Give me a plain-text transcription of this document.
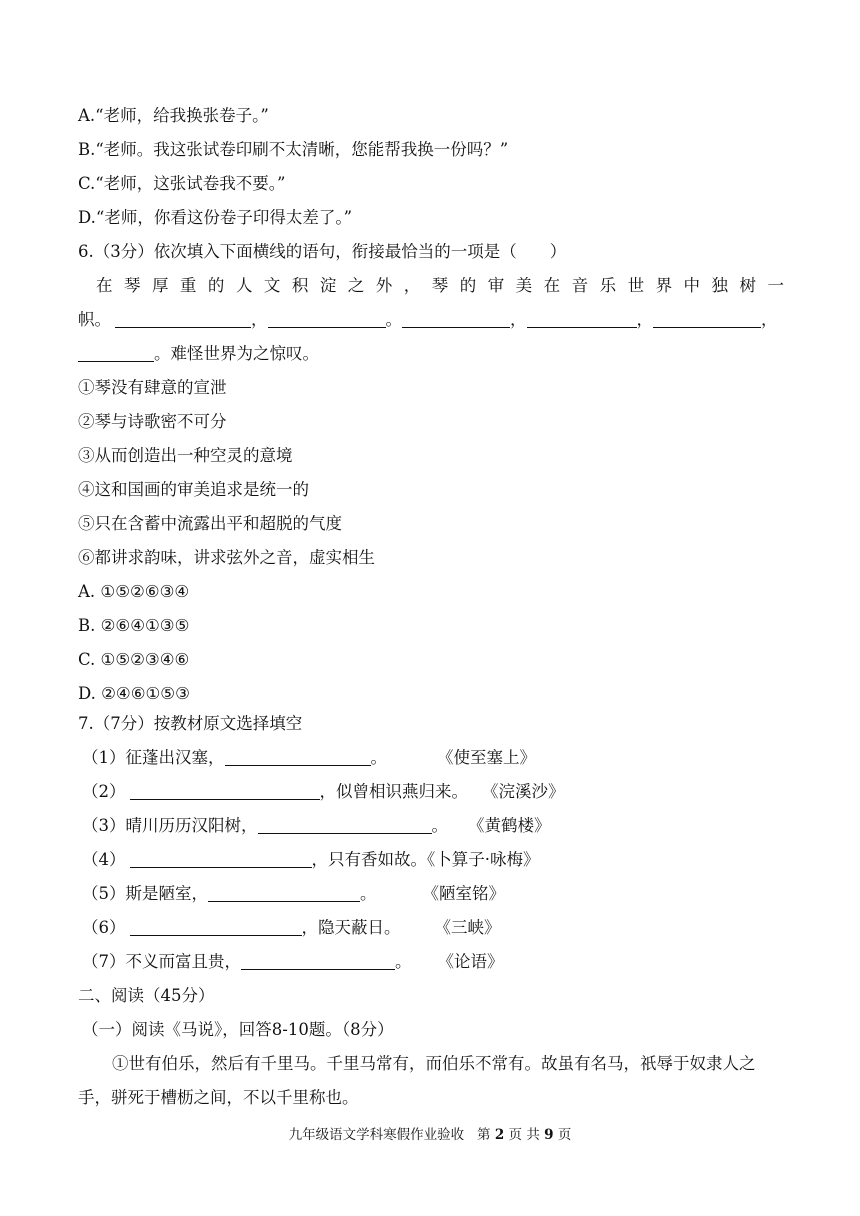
A.“老师，给我换张卷子。”
B.“老师。我这张试卷印刷不太清晰，您能帮我换一份吗？”
C.“老师，这张试卷我不要。”
D.“老师，你看这份卷子印得太差了。”
6.（3分）依次填入下面横线的语句，衔接最恰当的一项是（　　）
在琴厚重的人文积淀之外，琴的审美在音乐世界中独树一
帜。	，	。	，	，	，
。难怪世界为之惊叹。
①琴没有肆意的宣泄
②琴与诗歌密不可分
③从而创造出一种空灵的意境
④这和国画的审美追求是统一的
⑤只在含蓄中流露出平和超脱的气度
⑥都讲求韵味，讲求弦外之音，虚实相生
A. ①⑤②⑥③④
B. ②⑥④①③⑤
C. ①⑤②③④⑥
D. ②④⑥①⑤③
7.（7分）按教材原文选择填空
（1）征蓬出汉塞，	。	《使至塞上》
（2）	，似曾相识燕归来。 《浣溪沙》
（3）晴川历历汉阳树，	。 《黄鹤楼》
（4）	，只有香如故。《卜算子·咏梅》
（5）斯是陋室，	。	《陋室铭》
（6）	，隐天蔽日。 《三峡》
（7）不义而富且贵，	。 《论语》
二、阅读（45分）
（一）阅读《马说》，回答8-10题。（8分）
①世有伯乐，然后有千里马。千里马常有，而伯乐不常有。故虽有名马，祇辱于奴隶人之
手，骈死于槽枥之间，不以千里称也。
九年级语文学科寒假作业验收 第 2 页 共 9 页
